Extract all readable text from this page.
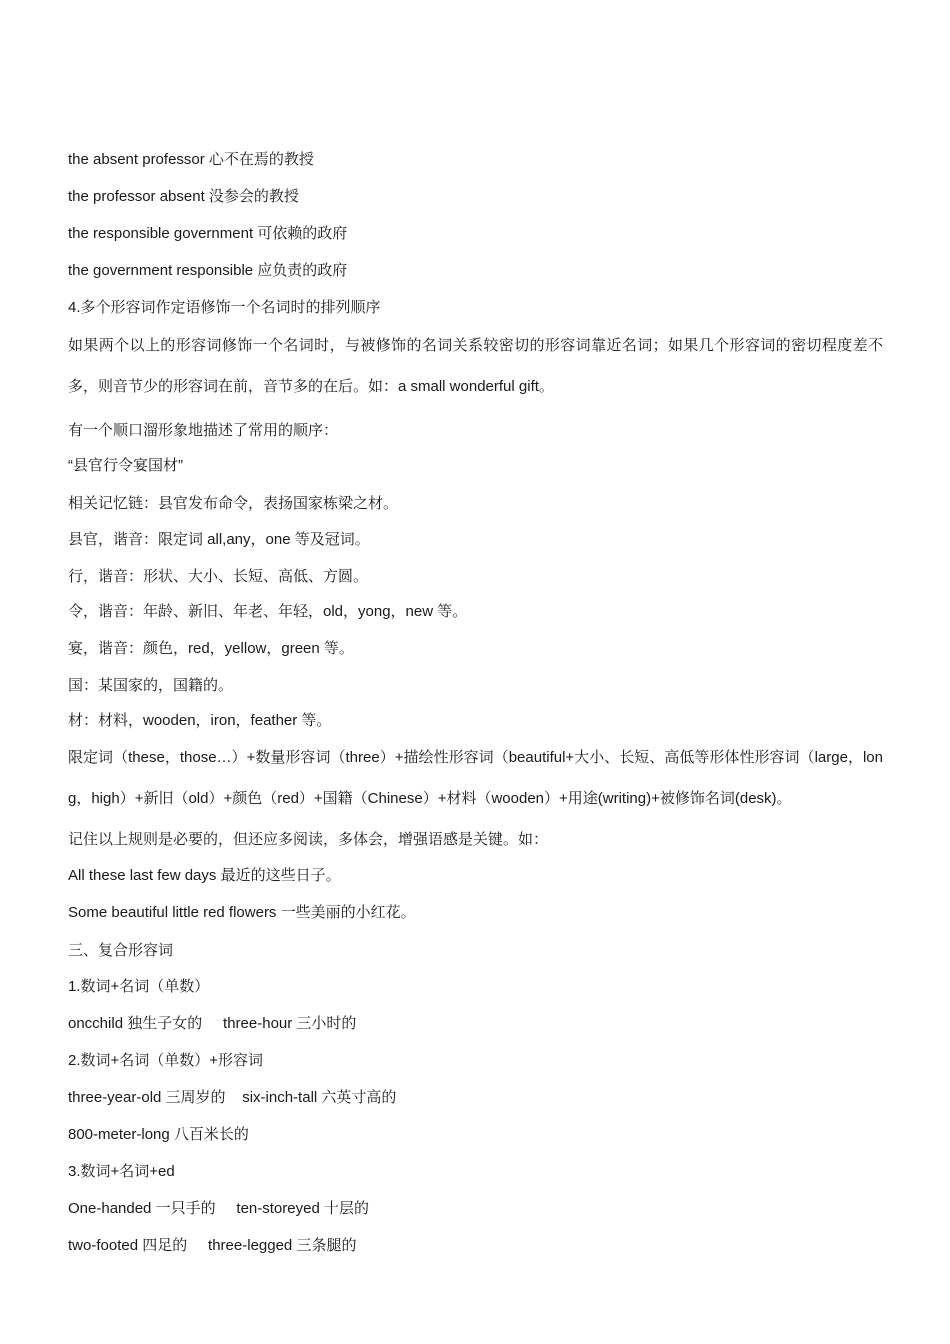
the absent professor 心不在焉的教授
the professor absent 没参会的教授
the responsible government 可依赖的政府
the government responsible 应负责的政府
4.多个形容词作定语修饰一个名词时的排列顺序
如果两个以上的形容词修饰一个名词时，与被修饰的名词关系较密切的形容词靠近名词；如果几个形容词的密切程度差不多，则音节少的形容词在前，音节多的在后。如：a small wonderful gift。
有一个顺口溜形象地描述了常用的顺序：
“县官行令宴国材”
相关记忆链：县官发布命令，表扬国家栋梁之材。
县官，谐音：限定词 all,any，one 等及冠词。
行，谐音：形状、大小、长短、高低、方圆。
令，谐音：年龄、新旧、年老、年轻，old，yong，new 等。
宴，谐音：颜色，red，yellow，green 等。
国：某国家的，国籍的。
材：材料，wooden，iron，feather 等。
限定词（these，those…）+数量形容词（three）+描绘性形容词（beautiful+大小、长短、高低等形体性形容词（large，long，high）+新旧（old）+颜色（red）+国籍（Chinese）+材料（wooden）+用途(writing)+被修饰名词(desk)。
记住以上规则是必要的，但还应多阅读，多体会，增强语感是关键。如：
All these last few days 最近的这些日子。
Some beautiful little red flowers 一些美丽的小红花。
三、复合形容词
1.数词+名词（单数）
oncchild 独生子女的     three-hour 三小时的
2.数词+名词（单数）+形容词
three-year-old 三周岁的    six-inch-tall 六英寸高的
800-meter-long 八百米长的
3.数词+名词+ed
One-handed 一只手的     ten-storeyed 十层的
two-footed 四足的     three-legged 三条腿的
